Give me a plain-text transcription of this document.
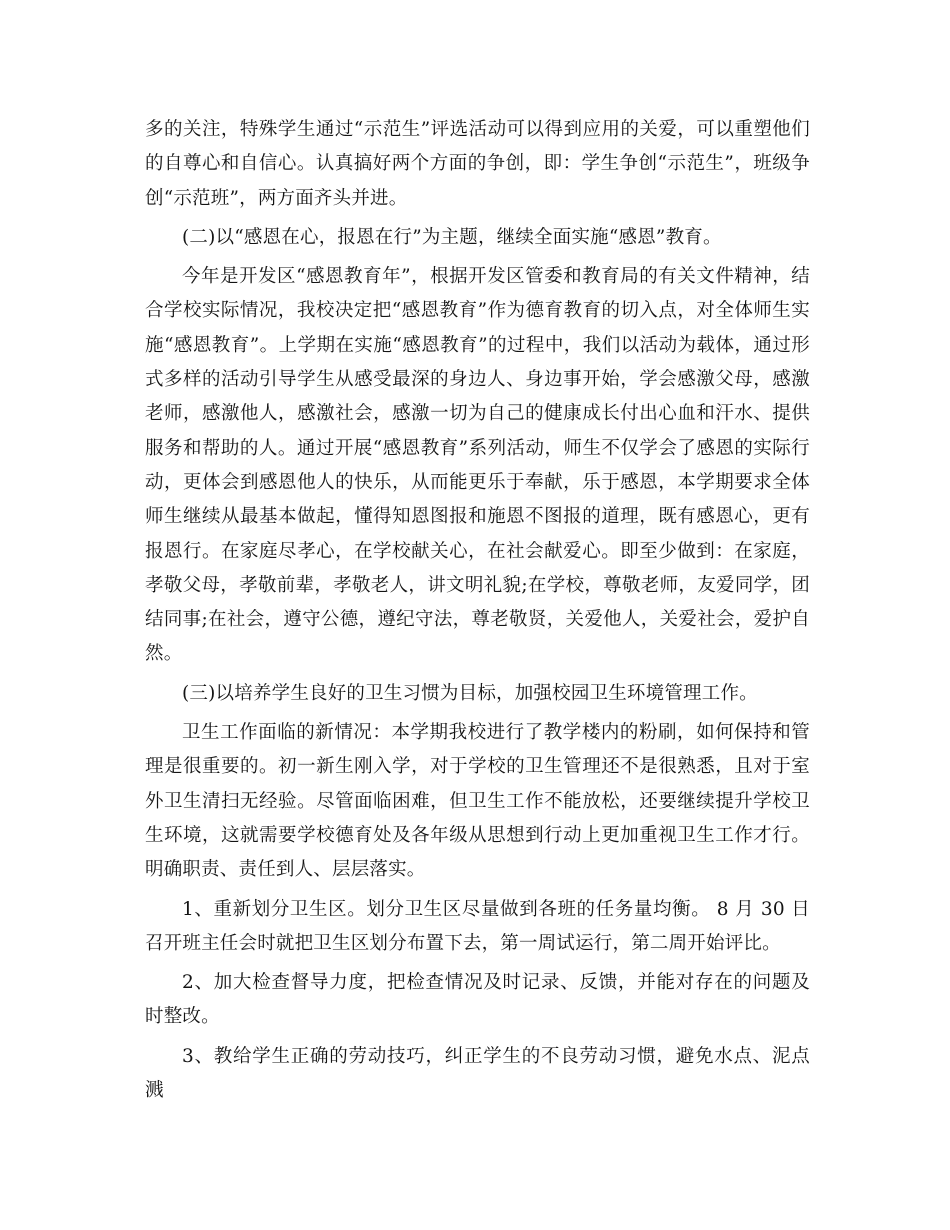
多的关注，特殊学生通过“示范生”评选活动可以得到应用的关爱，可以重塑他们的自尊心和自信心。认真搞好两个方面的争创，即：学生争创“示范生”，班级争创“示范班”，两方面齐头并进。

(二)以“感恩在心，报恩在行”为主题，继续全面实施“感恩”教育。

今年是开发区“感恩教育年”，根据开发区管委和教育局的有关文件精神，结合学校实际情况，我校决定把“感恩教育”作为德育教育的切入点，对全体师生实施“感恩教育”。上学期在实施“感恩教育”的过程中，我们以活动为载体，通过形式多样的活动引导学生从感受最深的身边人、身边事开始，学会感激父母，感激老师，感激他人，感激社会，感激一切为自己的健康成长付出心血和汗水、提供服务和帮助的人。通过开展“感恩教育”系列活动，师生不仅学会了感恩的实际行动，更体会到感恩他人的快乐，从而能更乐于奉献，乐于感恩，本学期要求全体师生继续从最基本做起，懂得知恩图报和施恩不图报的道理，既有感恩心，更有报恩行。在家庭尽孝心，在学校献关心，在社会献爱心。即至少做到：在家庭，孝敬父母，孝敬前辈，孝敬老人，讲文明礼貌;在学校，尊敬老师，友爱同学，团结同事;在社会，遵守公德，遵纪守法，尊老敬贤，关爱他人，关爱社会，爱护自然。

(三)以培养学生良好的卫生习惯为目标，加强校园卫生环境管理工作。

卫生工作面临的新情况：本学期我校进行了教学楼内的粉刷，如何保持和管理是很重要的。初一新生刚入学，对于学校的卫生管理还不是很熟悉，且对于室外卫生清扫无经验。尽管面临困难，但卫生工作不能放松，还要继续提升学校卫生环境，这就需要学校德育处及各年级从思想到行动上更加重视卫生工作才行。明确职责、责任到人、层层落实。

1、重新划分卫生区。划分卫生区尽量做到各班的任务量均衡。 8 月 30 日召开班主任会时就把卫生区划分布置下去，第一周试运行，第二周开始评比。

2、加大检查督导力度，把检查情况及时记录、反馈，并能对存在的问题及时整改。

3、教给学生正确的劳动技巧，纠正学生的不良劳动习惯，避免水点、泥点溅
